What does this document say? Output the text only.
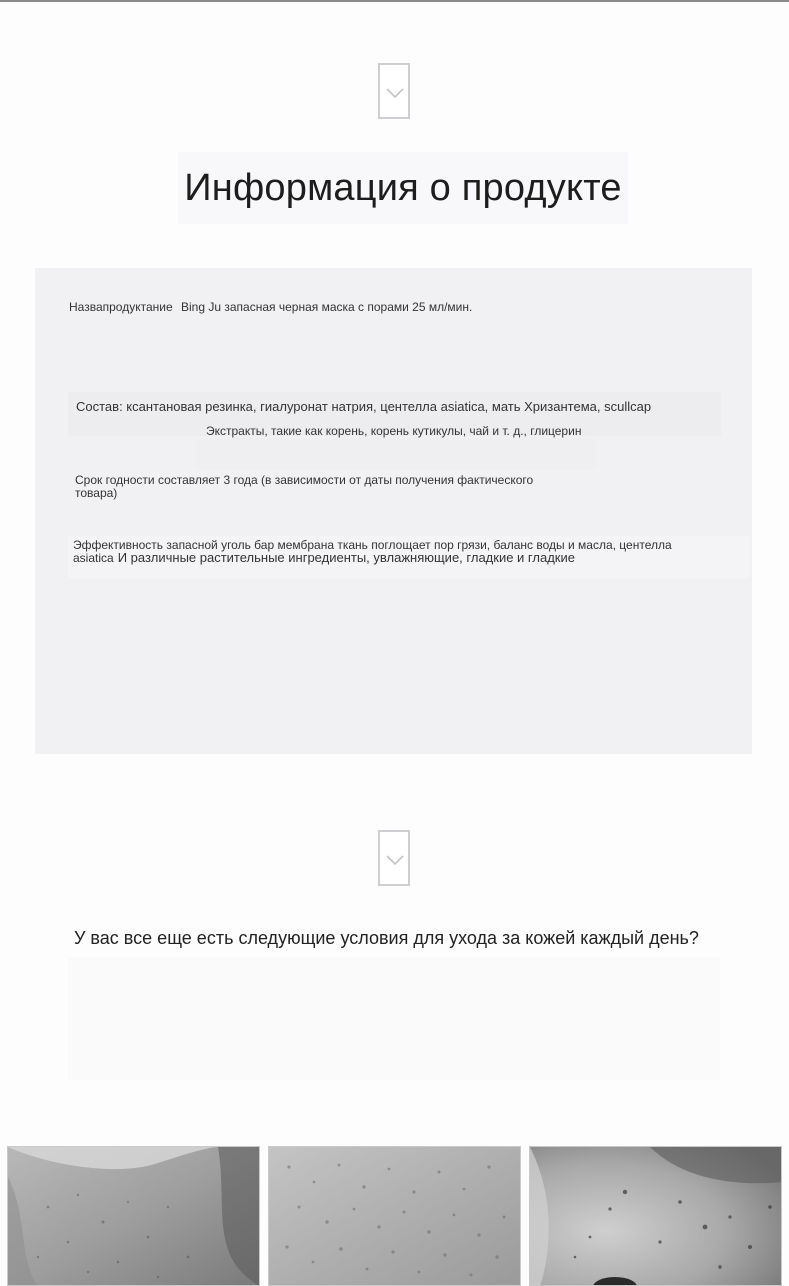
Информация о продукте
Назвапродуктание Bing Ju запасная черная маска с порами 25 мл/мин.
Состав: ксантановая резинка, гиалуронат натрия, центелла asiatica, мать Хризантема, scullcap
Экстракты, такие как корень, корень кутикулы, чай и т. д., глицерин
Срок годности составляет 3 года (в зависимости от даты получения фактического товара)
Эффективность запасной уголь бар мембрана ткань поглощает пор грязи, баланс воды и масла, центелла
asiatica И различные растительные ингредиенты, увлажняющие, гладкие и гладкие
У вас все еще есть следующие условия для ухода за кожей каждый день?
